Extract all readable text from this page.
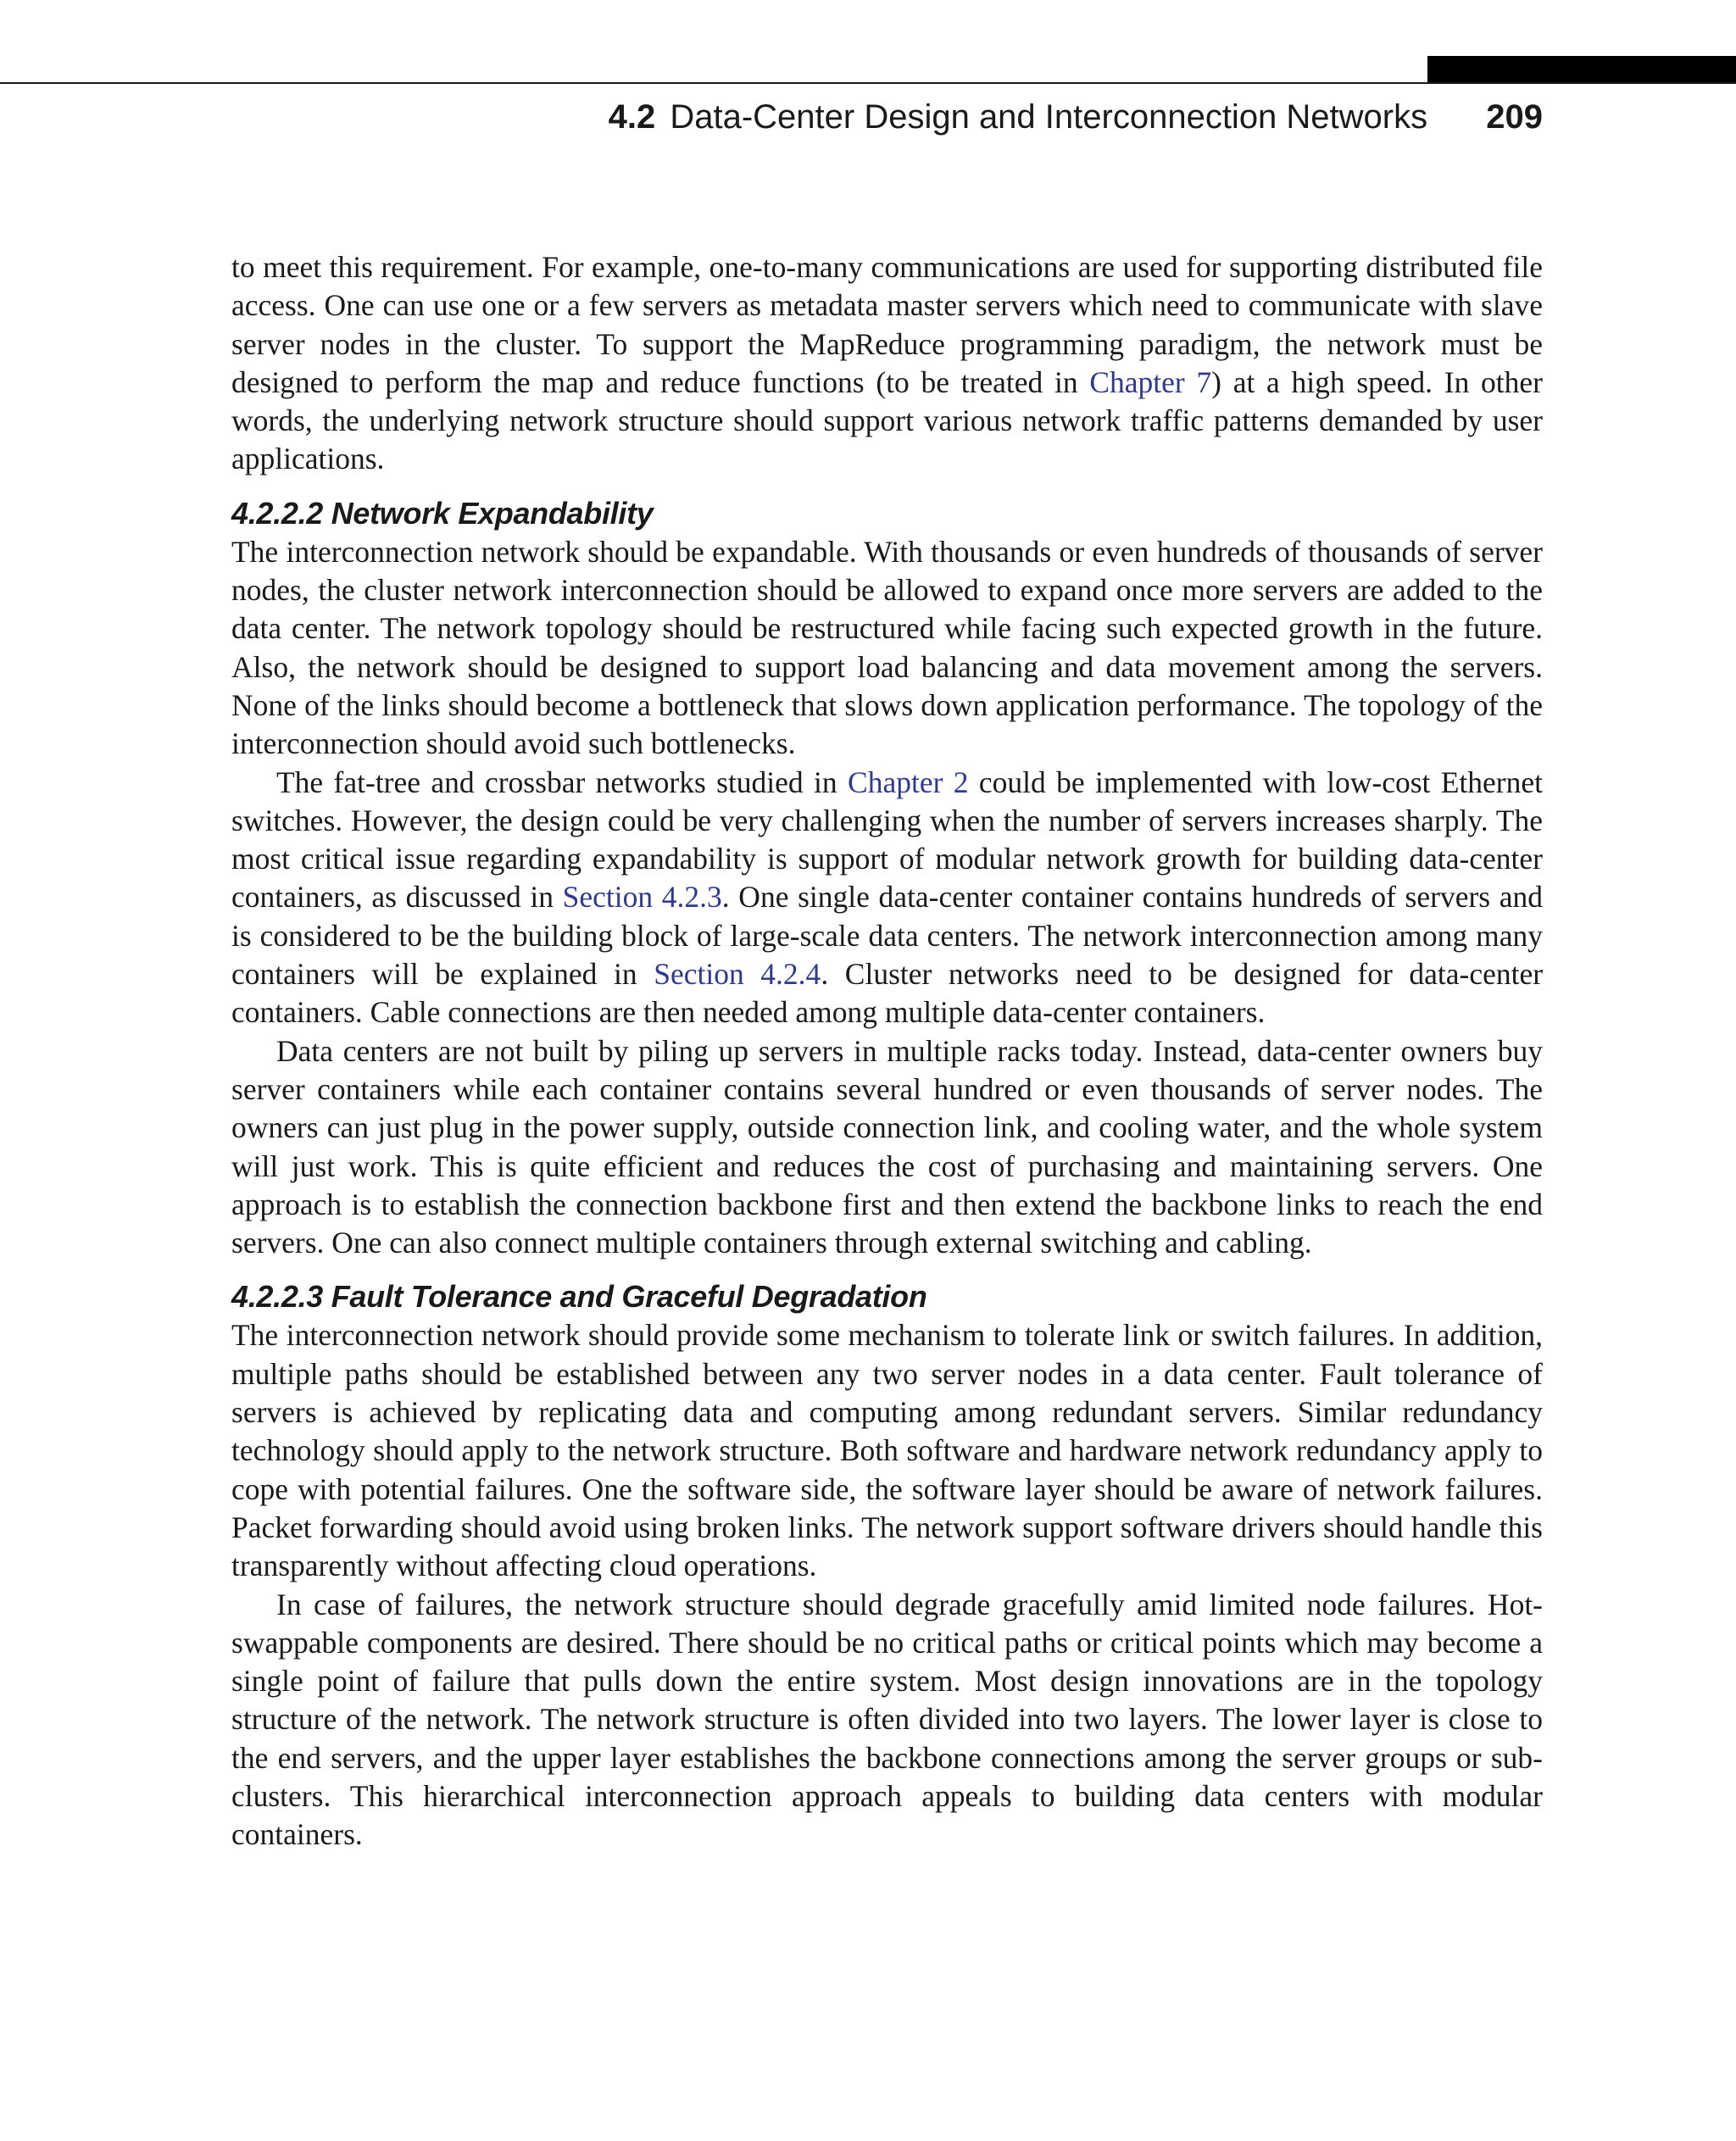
4.2 Data-Center Design and Interconnection Networks 209

to meet this requirement. For example, one-to-many communications are used for supporting distributed file access. One can use one or a few servers as metadata master servers which need to communicate with slave server nodes in the cluster. To support the MapReduce programming paradigm, the network must be designed to perform the map and reduce functions (to be treated in Chapter 7) at a high speed. In other words, the underlying network structure should support various network traffic patterns demanded by user applications.

4.2.2.2 Network Expandability

The interconnection network should be expandable. With thousands or even hundreds of thousands of server nodes, the cluster network interconnection should be allowed to expand once more servers are added to the data center. The network topology should be restructured while facing such expected growth in the future. Also, the network should be designed to support load balancing and data movement among the servers. None of the links should become a bottleneck that slows down application performance. The topology of the interconnection should avoid such bottlenecks.

The fat-tree and crossbar networks studied in Chapter 2 could be implemented with low-cost Ethernet switches. However, the design could be very challenging when the number of servers increases sharply. The most critical issue regarding expandability is support of modular network growth for building data-center containers, as discussed in Section 4.2.3. One single data-center container contains hundreds of servers and is considered to be the building block of large-scale data centers. The network interconnection among many containers will be explained in Section 4.2.4. Cluster networks need to be designed for data-center containers. Cable connections are then needed among multiple data-center containers.

Data centers are not built by piling up servers in multiple racks today. Instead, data-center owners buy server containers while each container contains several hundred or even thousands of server nodes. The owners can just plug in the power supply, outside connection link, and cooling water, and the whole system will just work. This is quite efficient and reduces the cost of purchasing and maintaining servers. One approach is to establish the connection backbone first and then extend the backbone links to reach the end servers. One can also connect multiple containers through external switching and cabling.

4.2.2.3 Fault Tolerance and Graceful Degradation

The interconnection network should provide some mechanism to tolerate link or switch failures. In addition, multiple paths should be established between any two server nodes in a data center. Fault tolerance of servers is achieved by replicating data and computing among redundant servers. Similar redundancy technology should apply to the network structure. Both software and hardware network redundancy apply to cope with potential failures. One the software side, the software layer should be aware of network failures. Packet forwarding should avoid using broken links. The network support software drivers should handle this transparently without affecting cloud operations.

In case of failures, the network structure should degrade gracefully amid limited node failures. Hot-swappable components are desired. There should be no critical paths or critical points which may become a single point of failure that pulls down the entire system. Most design innovations are in the topology structure of the network. The network structure is often divided into two layers. The lower layer is close to the end servers, and the upper layer establishes the backbone connections among the server groups or sub-clusters. This hierarchical interconnection approach appeals to building data centers with modular containers.
